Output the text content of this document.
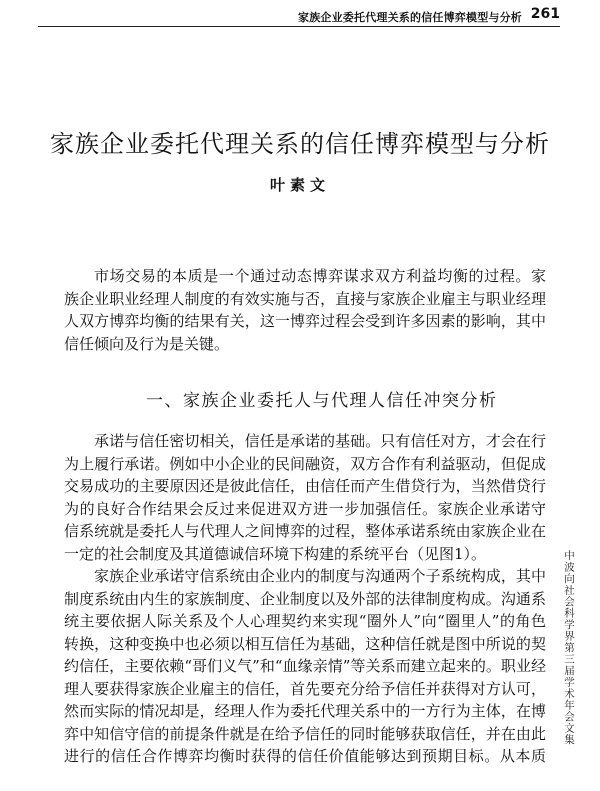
家族企业委托代理关系的信任博弈模型与分析 261
家族企业委托代理关系的信任博弈模型与分析
叶素文
市场交易的本质是一个通过动态博弈谋求双方利益均衡的过程。家
族企业职业经理人制度的有效实施与否，直接与家族企业雇主与职业经理
人双方博弈均衡的结果有关，这一博弈过程会受到许多因素的影响，其中
信任倾向及行为是关键。
一、家族企业委托人与代理人信任冲突分析
承诺与信任密切相关，信任是承诺的基础。只有信任对方，才会在行
为上履行承诺。例如中小企业的民间融资，双方合作有利益驱动，但促成
交易成功的主要原因还是彼此信任，由信任而产生借贷行为，当然借贷行
为的良好合作结果会反过来促进双方进一步加强信任。家族企业承诺守
信系统就是委托人与代理人之间博弈的过程，整体承诺系统由家族企业在
一定的社会制度及其道德诚信环境下构建的系统平台（见图1）。
家族企业承诺守信系统由企业内的制度与沟通两个子系统构成，其中
制度系统由内生的家族制度、企业制度以及外部的法律制度构成。沟通系
统主要依据人际关系及个人心理契约来实现“圈外人”向“圈里人”的角色
转换，这种变换中也必须以相互信任为基础，这种信任就是图中所说的契
约信任，主要依赖“哥们义气”和“血缘亲情”等关系而建立起来的。职业经
理人要获得家族企业雇主的信任，首先要充分给予信任并获得对方认可，
然而实际的情况却是，经理人作为委托代理关系中的一方行为主体，在博
弈中知信守信的前提条件就是在给予信任的同时能够获取信任，并在由此
进行的信任合作博弈均衡时获得的信任价值能够达到预期目标。从本质
中波向社会科学界第三届学术年会文集
